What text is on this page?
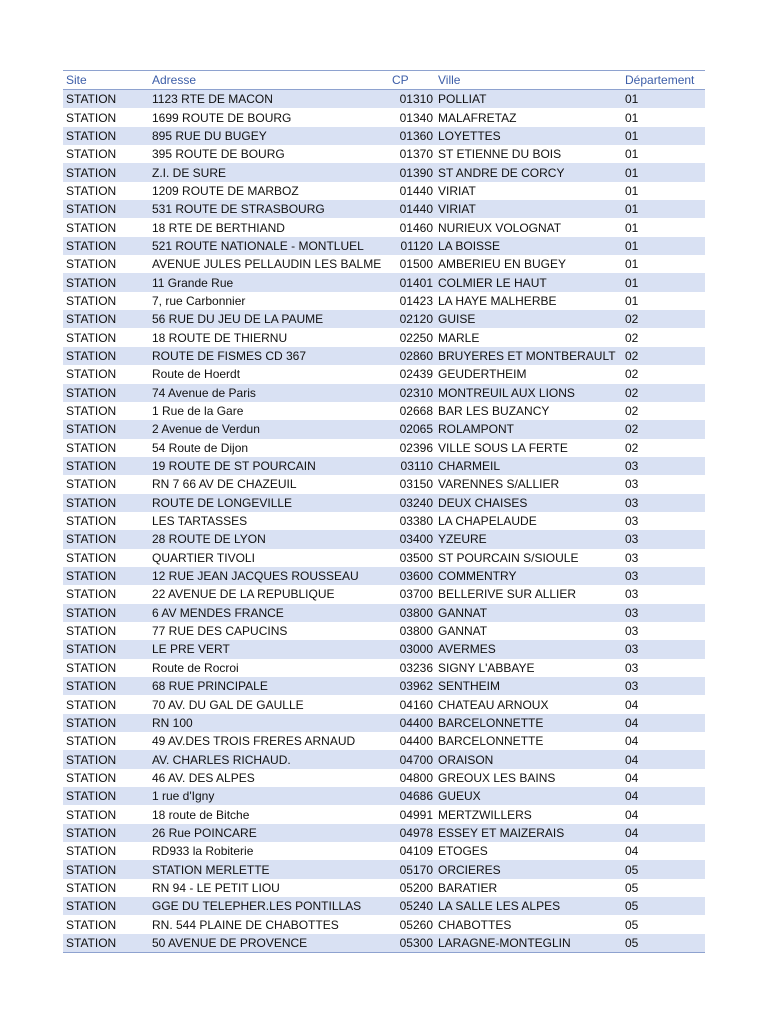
Site	Adresse	CP	Ville	Département
STATION	1123 RTE DE MACON	01310	POLLIAT	01
STATION	1699 ROUTE DE BOURG	01340	MALAFRETAZ	01
STATION	895 RUE DU BUGEY	01360	LOYETTES	01
STATION	395 ROUTE DE BOURG	01370	ST ETIENNE DU BOIS	01
STATION	Z.I. DE SURE	01390	ST ANDRE DE CORCY	01
STATION	1209 ROUTE DE MARBOZ	01440	VIRIAT	01
STATION	531 ROUTE DE STRASBOURG	01440	VIRIAT	01
STATION	18 RTE DE BERTHIAND	01460	NURIEUX VOLOGNAT	01
STATION	521 ROUTE NATIONALE - MONTLUEL	01120	LA BOISSE	01
STATION	AVENUE JULES PELLAUDIN LES BALME	01500	AMBERIEU EN BUGEY	01
STATION	11 Grande Rue	01401	COLMIER LE HAUT	01
STATION	7, rue Carbonnier	01423	LA HAYE MALHERBE	01
STATION	56 RUE DU JEU DE LA PAUME	02120	GUISE	02
STATION	18 ROUTE DE THIERNU	02250	MARLE	02
STATION	ROUTE DE FISMES CD 367	02860	BRUYERES ET MONTBERAULT	02
STATION	Route de Hoerdt	02439	GEUDERTHEIM	02
STATION	74 Avenue de Paris	02310	MONTREUIL AUX LIONS	02
STATION	1 Rue de la Gare	02668	BAR LES BUZANCY	02
STATION	2 Avenue de Verdun	02065	ROLAMPONT	02
STATION	54 Route de Dijon	02396	VILLE SOUS LA FERTE	02
STATION	19 ROUTE DE ST POURCAIN	03110	CHARMEIL	03
STATION	RN 7 66 AV DE CHAZEUIL	03150	VARENNES S/ALLIER	03
STATION	ROUTE DE LONGEVILLE	03240	DEUX CHAISES	03
STATION	LES TARTASSES	03380	LA CHAPELAUDE	03
STATION	28 ROUTE DE LYON	03400	YZEURE	03
STATION	QUARTIER TIVOLI	03500	ST POURCAIN S/SIOULE	03
STATION	12 RUE JEAN JACQUES ROUSSEAU	03600	COMMENTRY	03
STATION	22 AVENUE DE LA REPUBLIQUE	03700	BELLERIVE SUR ALLIER	03
STATION	6 AV MENDES FRANCE	03800	GANNAT	03
STATION	77 RUE DES CAPUCINS	03800	GANNAT	03
STATION	LE PRE VERT	03000	AVERMES	03
STATION	Route de Rocroi	03236	SIGNY L'ABBAYE	03
STATION	68 RUE PRINCIPALE	03962	SENTHEIM	03
STATION	70 AV. DU GAL DE GAULLE	04160	CHATEAU ARNOUX	04
STATION	RN 100	04400	BARCELONNETTE	04
STATION	49 AV.DES TROIS FRERES ARNAUD	04400	BARCELONNETTE	04
STATION	AV. CHARLES RICHAUD.	04700	ORAISON	04
STATION	46 AV. DES ALPES	04800	GREOUX LES BAINS	04
STATION	1 rue d'Igny	04686	GUEUX	04
STATION	18 route de Bitche	04991	MERTZWILLERS	04
STATION	26 Rue POINCARE	04978	ESSEY ET MAIZERAIS	04
STATION	RD933 la Robiterie	04109	ETOGES	04
STATION	STATION MERLETTE	05170	ORCIERES	05
STATION	RN 94 - LE PETIT LIOU	05200	BARATIER	05
STATION	GGE DU TELEPHER.LES PONTILLAS	05240	LA SALLE LES ALPES	05
STATION	RN. 544 PLAINE DE CHABOTTES	05260	CHABOTTES	05
STATION	50 AVENUE DE PROVENCE	05300	LARAGNE-MONTEGLIN	05
